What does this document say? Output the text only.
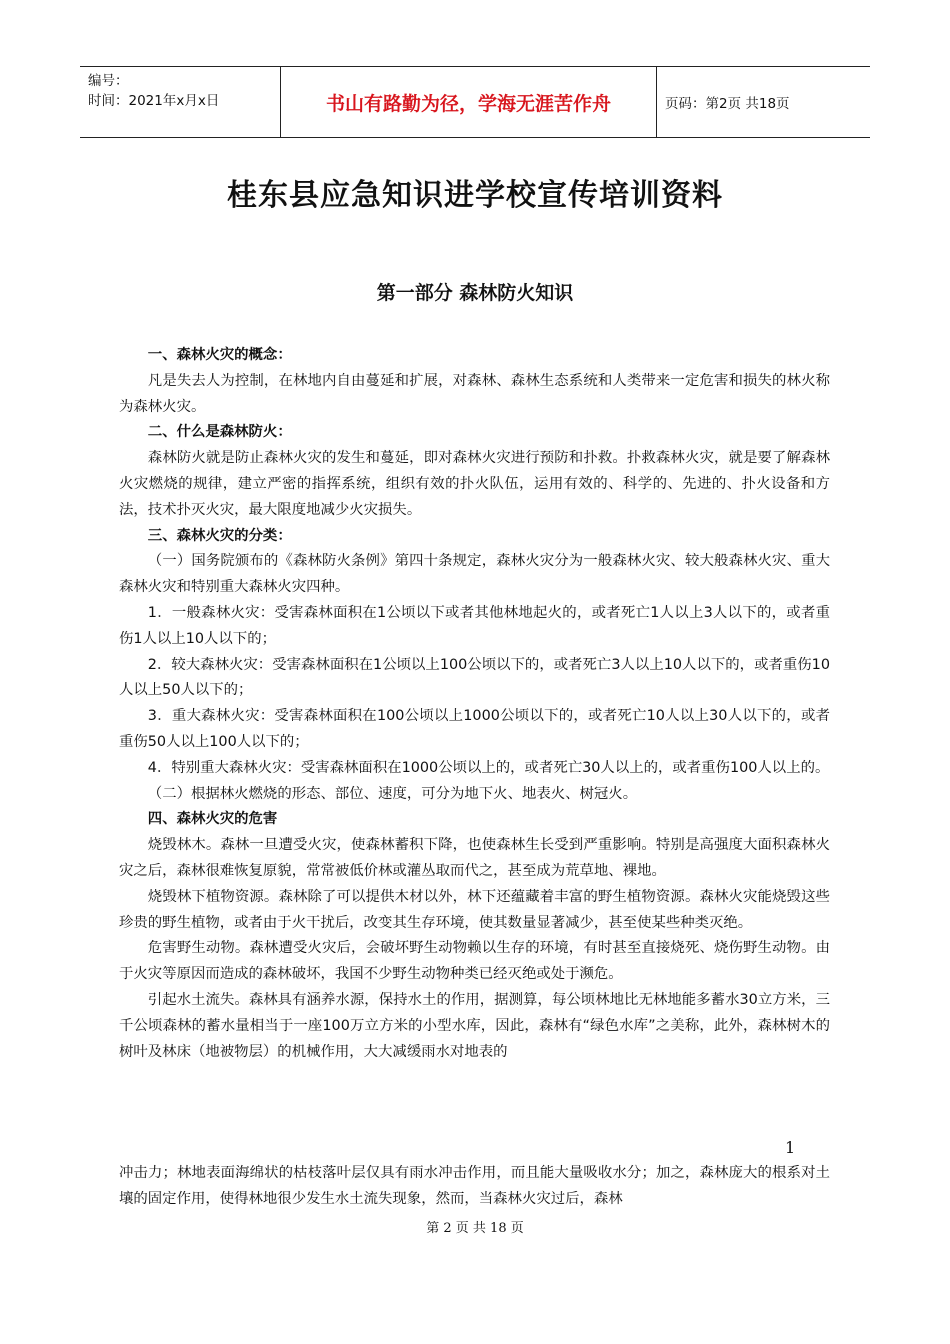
编号：
时间：2021年x月x日	书山有路勤为径，学海无涯苦作舟	页码：第2页 共18页
桂东县应急知识进学校宣传培训资料
第一部分 森林防火知识

一、森林火灾的概念：

凡是失去人为控制，在林地内自由蔓延和扩展，对森林、森林生态系统和人类带来一定危害和损失的林火称为森林火灾。

二、什么是森林防火：

森林防火就是防止森林火灾的发生和蔓延，即对森林火灾进行预防和扑救。扑救森林火灾，就是要了解森林火灾燃烧的规律，建立严密的指挥系统，组织有效的扑火队伍，运用有效的、科学的、先进的、扑火设备和方法，技术扑灭火灾，最大限度地减少火灾损失。

三、森林火灾的分类：

（一）国务院颁布的《森林防火条例》第四十条规定，森林火灾分为一般森林火灾、较大般森林火灾、重大森林火灾和特别重大森林火灾四种。

1．一般森林火灾：受害森林面积在1公顷以下或者其他林地起火的，或者死亡1人以上3人以下的，或者重伤1人以上10人以下的；

2．较大森林火灾：受害森林面积在1公顷以上100公顷以下的，或者死亡3人以上10人以下的，或者重伤10人以上50人以下的；

3．重大森林火灾：受害森林面积在100公顷以上1000公顷以下的，或者死亡10人以上30人以下的，或者重伤50人以上100人以下的；

4．特别重大森林火灾：受害森林面积在1000公顷以上的，或者死亡30人以上的，或者重伤100人以上的。

（二）根据林火燃烧的形态、部位、速度，可分为地下火、地表火、树冠火。

四、森林火灾的危害

烧毁林木。森林一旦遭受火灾，使森林蓄积下降，也使森林生长受到严重影响。特别是高强度大面积森林火灾之后，森林很难恢复原貌，常常被低价林或灌丛取而代之，甚至成为荒草地、裸地。

烧毁林下植物资源。森林除了可以提供木材以外，林下还蕴藏着丰富的野生植物资源。森林火灾能烧毁这些珍贵的野生植物，或者由于火干扰后，改变其生存环境，使其数量显著减少，甚至使某些种类灭绝。

危害野生动物。森林遭受火灾后，会破坏野生动物赖以生存的环境，有时甚至直接烧死、烧伤野生动物。由于火灾等原因而造成的森林破坏，我国不少野生动物种类已经灭绝或处于濒危。

引起水土流失。森林具有涵养水源，保持水土的作用，据测算，每公顷林地比无林地能多蓄水30立方米，三千公顷森林的蓄水量相当于一座100万立方米的小型水库，因此，森林有“绿色水库”之美称，此外，森林树木的树叶及林床（地被物层）的机械作用，大大减缓雨水对地表的

1
冲击力；林地表面海绵状的枯枝落叶层仅具有雨水冲击作用，而且能大量吸收水分；加之，森林庞大的根系对土壤的固定作用，使得林地很少发生水土流失现象，然而，当森林火灾过后，森林
第 2 页 共 18 页
